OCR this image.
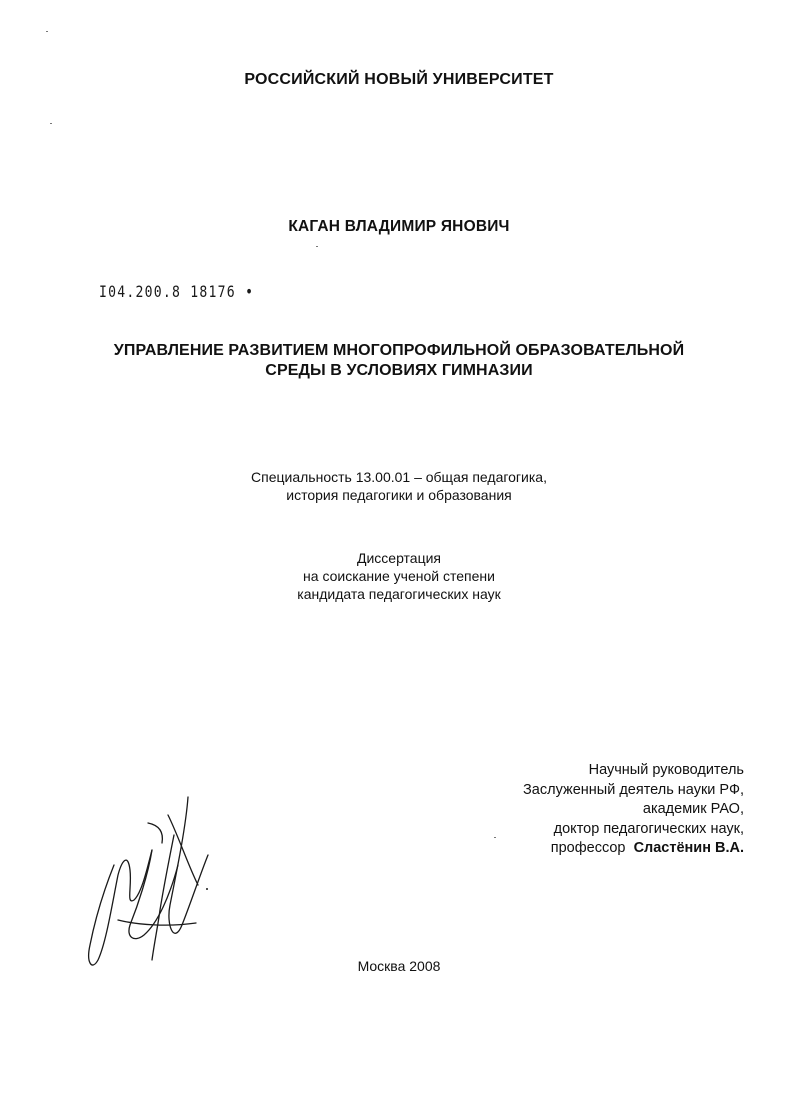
РОССИЙСКИЙ НОВЫЙ УНИВЕРСИТЕТ
КАГАН ВЛАДИМИР ЯНОВИЧ
I04.200.8 18176 •
УПРАВЛЕНИЕ РАЗВИТИЕМ МНОГОПРОФИЛЬНОЙ ОБРАЗОВАТЕЛЬНОЙ
СРЕДЫ В УСЛОВИЯХ ГИМНАЗИИ
Специальность 13.00.01 – общая педагогика,
история педагогики и образования
Диссертация
на соискание ученой степени
кандидата педагогических наук
Научный руководитель
Заслуженный деятель науки РФ,
академик РАО,
доктор педагогических наук,
профессор Сластёнин В.А.
Москва 2008
